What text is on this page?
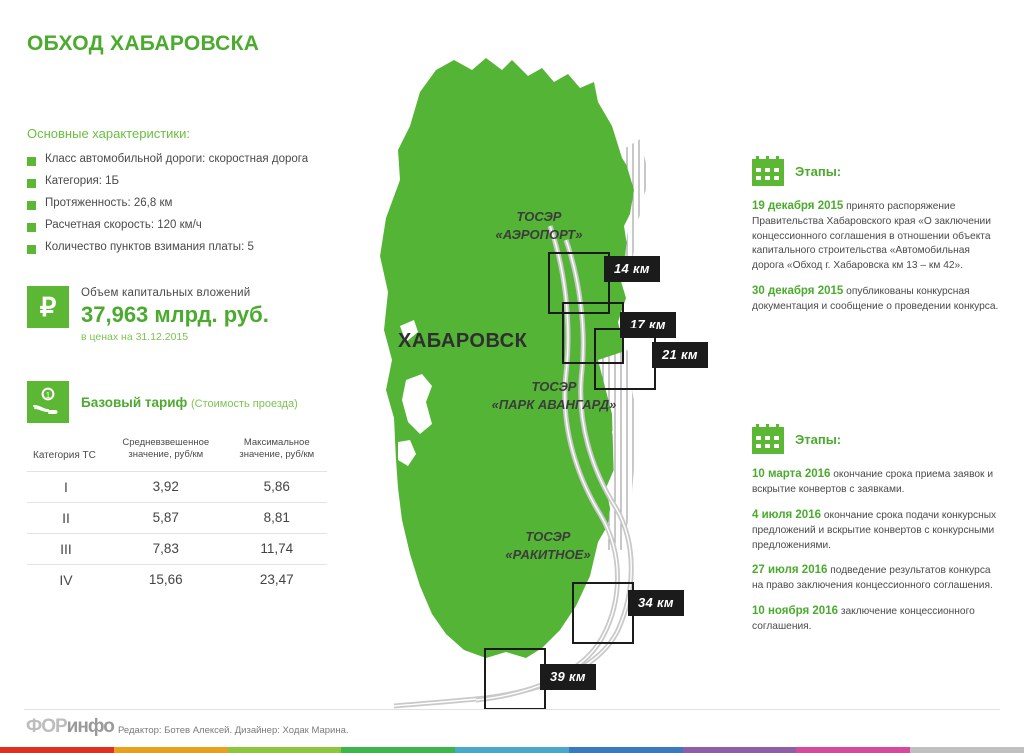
ОБХОД ХАБАРОВСКА
Основные характеристики:
Класс автомобильной дороги: скоростная дорога
Категория: 1Б
Протяженность: 26,8 км
Расчетная скорость: 120 км/ч
Количество пунктов взимания платы: 5
₽	Объем капитальных вложений
37,963 млрд. руб.
в ценах на 31.12.2015
1 Базовый тариф (Стоимость проезда)
Категория ТС	Средневзвешенное значение, руб/км	Максимальное значение, руб/км
I	3,92	5,86
II	5,87	8,81
III	7,83	11,74
IV	15,66	23,47
ХАБАРОВСК
ТОСЭР
«АЭРОПОРТ»
ТОСЭР
«ПАРК АВАНГАРД»
ТОСЭР
«РАКИТНОЕ»
14 км
17 км
21 км
34 км
39 км
Этапы:
19 декабря 2015 принято распоряжение Правительства Хабаровского края «О заключении концессионного соглашения в отношении объекта капитального строительства «Автомобильная дорога «Обход г. Хабаровска км 13 – км 42».
30 декабря 2015 опубликованы конкурсная документация и сообщение о проведении конкурса.
Этапы:
10 марта 2016 окончание срока приема заявок и вскрытие конвертов с заявками.
4 июля 2016 окончание срока подачи конкурсных предложений и вскрытие конвертов с конкурсными предложениями.
27 июля 2016 подведение результатов конкурса на право заключения концессионного соглашения.
10 ноября 2016 заключение концессионного соглашения.
ФОРинфо Редактор: Ботев Алексей. Дизайнер: Ходак Марина.
